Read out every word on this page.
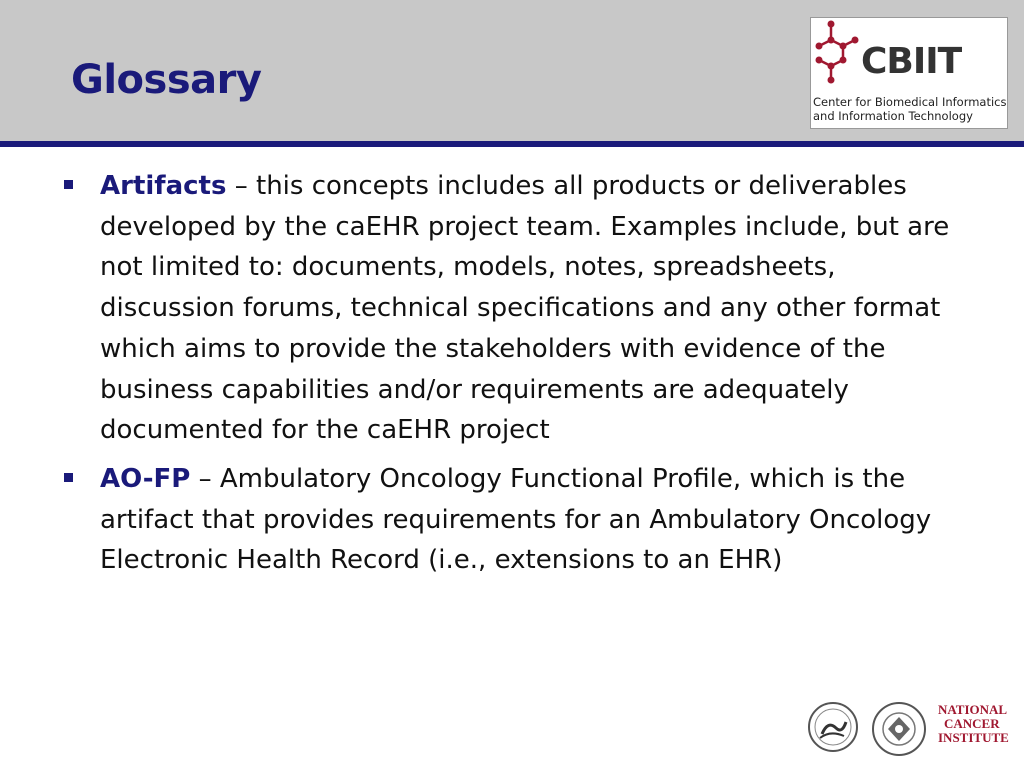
Glossary	CBIIT
Center for Biomedical Informatics
and Information Technology
Artifacts – this concepts includes all products or deliverables developed by the caEHR project team. Examples include, but are not limited to: documents, models, notes, spreadsheets, discussion forums, technical specifications and any other format which aims to provide the stakeholders with evidence of the business capabilities and/or requirements are adequately documented for the caEHR project
AO-FP – Ambulatory Oncology Functional Profile, which is the artifact that provides requirements for an Ambulatory Oncology Electronic Health Record (i.e., extensions to an EHR)
NATIONAL
CANCER
INSTITUTE
